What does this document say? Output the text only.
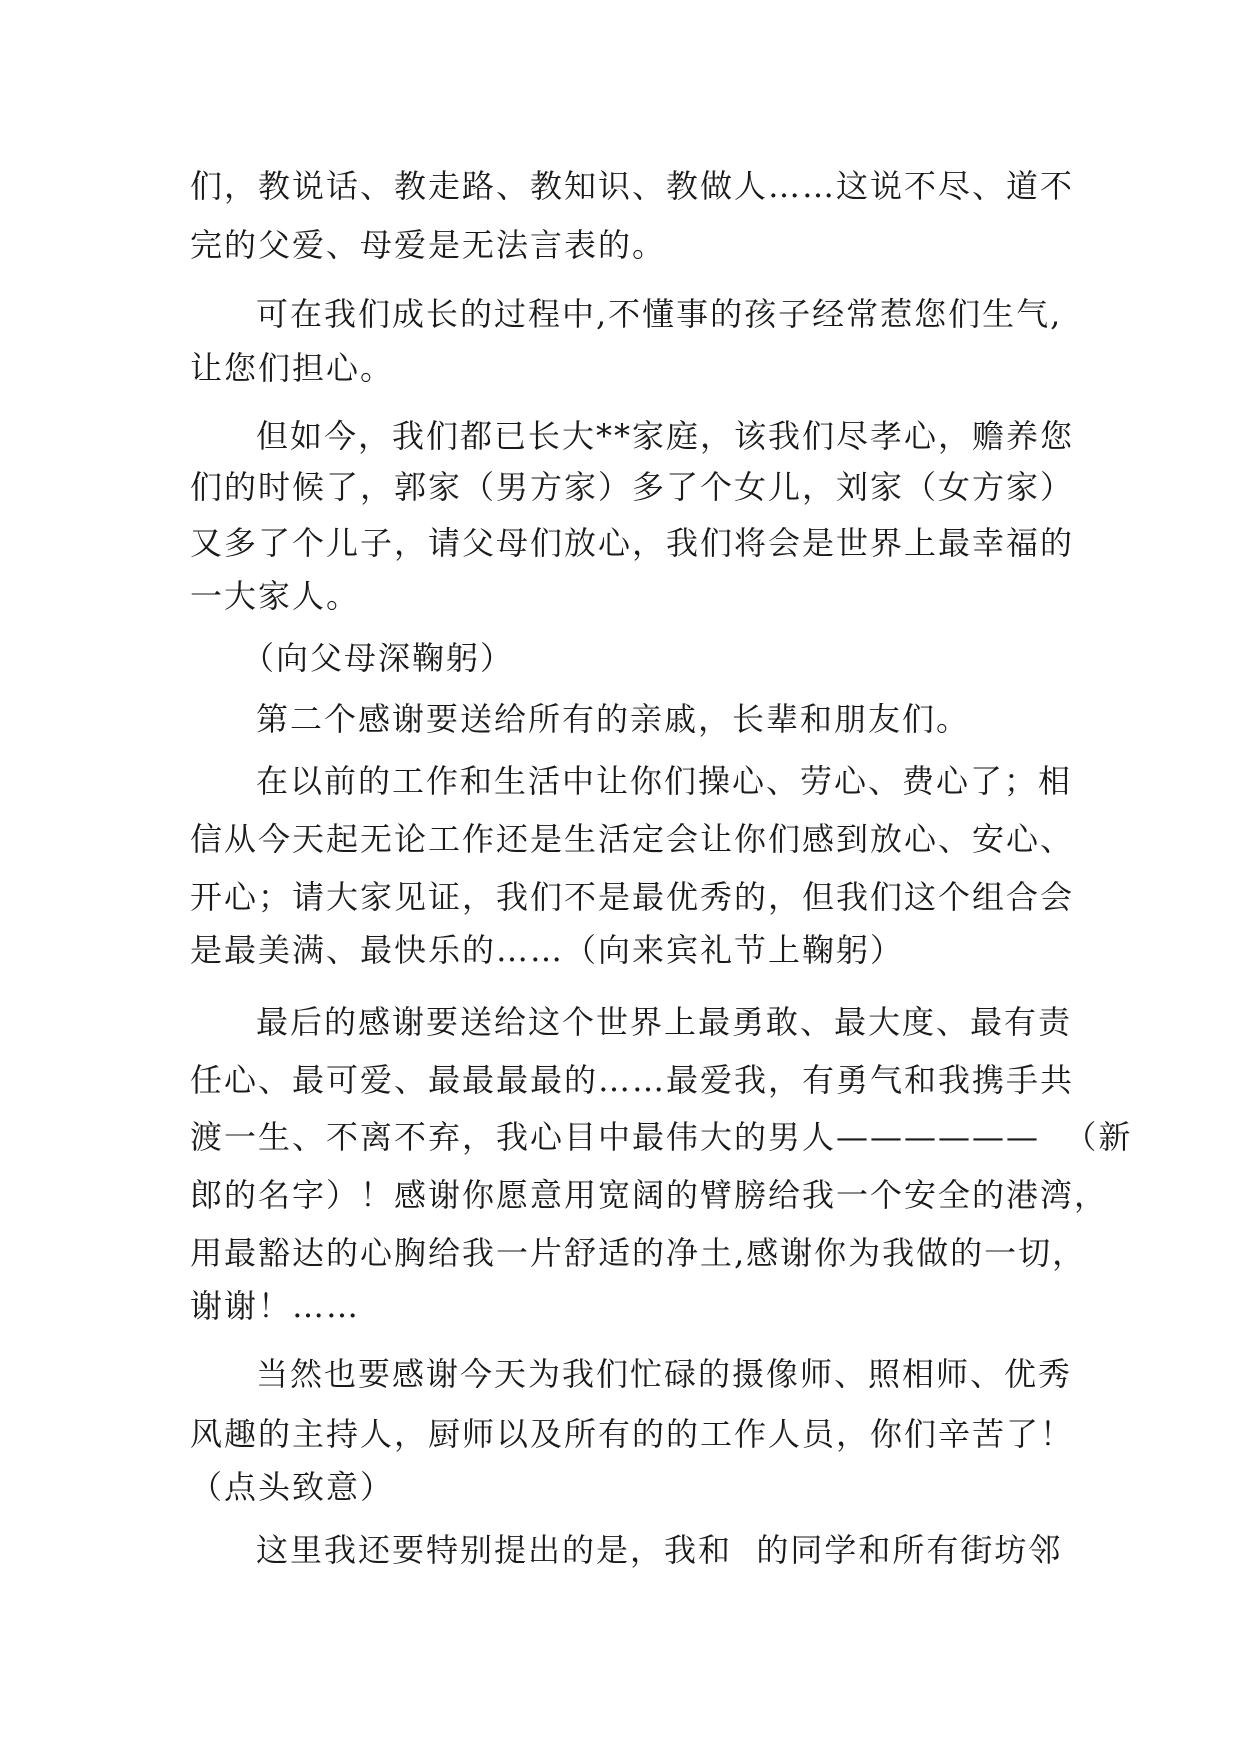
们，教说话、教走路、教知识、教做人……这说不尽、道不
完的父爱、母爱是无法言表的。
可在我们成长的过程中,不懂事的孩子经常惹您们生气,
让您们担心。
但如今，我们都已长大**家庭，该我们尽孝心，赡养您
们的时候了，郭家（男方家）多了个女儿，刘家（女方家）
又多了个儿子，请父母们放心，我们将会是世界上最幸福的
一大家人。
（向父母深鞠躬）
第二个感谢要送给所有的亲戚，长辈和朋友们。
在以前的工作和生活中让你们操心、劳心、费心了；相
信从今天起无论工作还是生活定会让你们感到放心、安心、
开心；请大家见证，我们不是最优秀的，但我们这个组合会
是最美满、最快乐的……（向来宾礼节上鞠躬）
最后的感谢要送给这个世界上最勇敢、最大度、最有责
任心、最可爱、最最最最的……最爱我，有勇气和我携手共
渡一生、不离不弃，我心目中最伟大的男人——————  （新
郎的名字）！感谢你愿意用宽阔的臂膀给我一个安全的港湾，
用最豁达的心胸给我一片舒适的净土,感谢你为我做的一切，
谢谢！……
当然也要感谢今天为我们忙碌的摄像师、照相师、优秀
风趣的主持人，厨师以及所有的的工作人员，你们辛苦了！
（点头致意）
这里我还要特别提出的是，我和  的同学和所有街坊邻
